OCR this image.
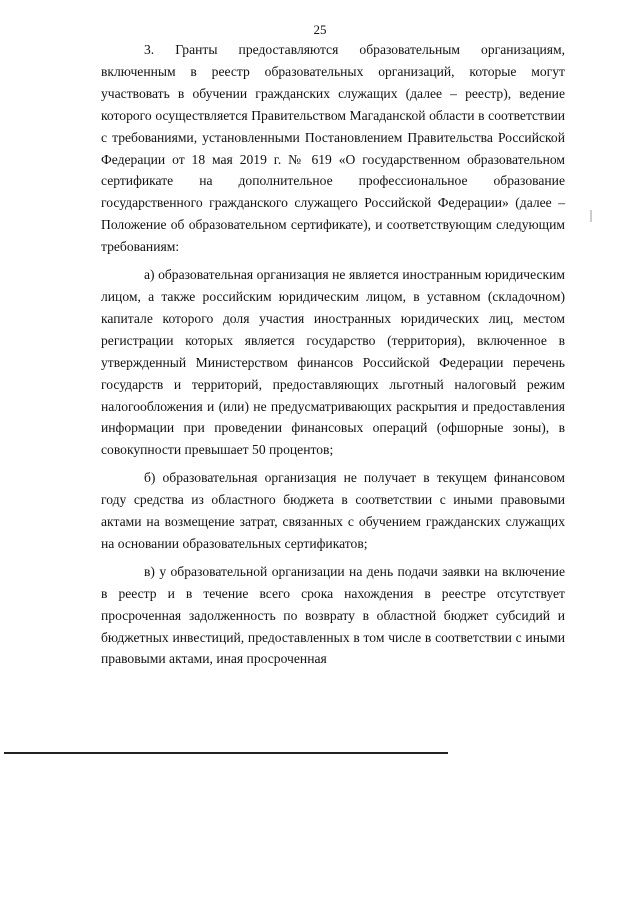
25

3. Гранты предоставляются образовательным организациям, включенным в реестр образовательных организаций, которые могут участвовать в обучении гражданских служащих (далее – реестр), ведение которого осуществляется Правительством Магаданской области в соответствии с требованиями, установленными Постановлением Правительства Российской Федерации от 18 мая 2019 г. № 619 «О государственном образовательном сертификате на дополнительное профессиональное образование государственного гражданского служащего Российской Федерации» (далее – Положение об образовательном сертификате), и соответствующим следующим требованиям:

а) образовательная организация не является иностранным юридическим лицом, а также российским юридическим лицом, в уставном (складочном) капитале которого доля участия иностранных юридических лиц, местом регистрации которых является государство (территория), включенное в утвержденный Министерством финансов Российской Федерации перечень государств и территорий, предоставляющих льготный налоговый режим налогообложения и (или) не предусматривающих раскрытия и предоставления информации при проведении финансовых операций (офшорные зоны), в совокупности превышает 50 процентов;

б) образовательная организация не получает в текущем финансовом году средства из областного бюджета в соответствии с иными правовыми актами на возмещение затрат, связанных с обучением гражданских служащих на основании образовательных сертификатов;

в) у образовательной организации на день подачи заявки на включение в реестр и в течение всего срока нахождения в реестре отсутствует просроченная задолженность по возврату в областной бюджет субсидий и бюджетных инвестиций, предоставленных в том числе в соответствии с иными правовыми актами, иная просроченная
